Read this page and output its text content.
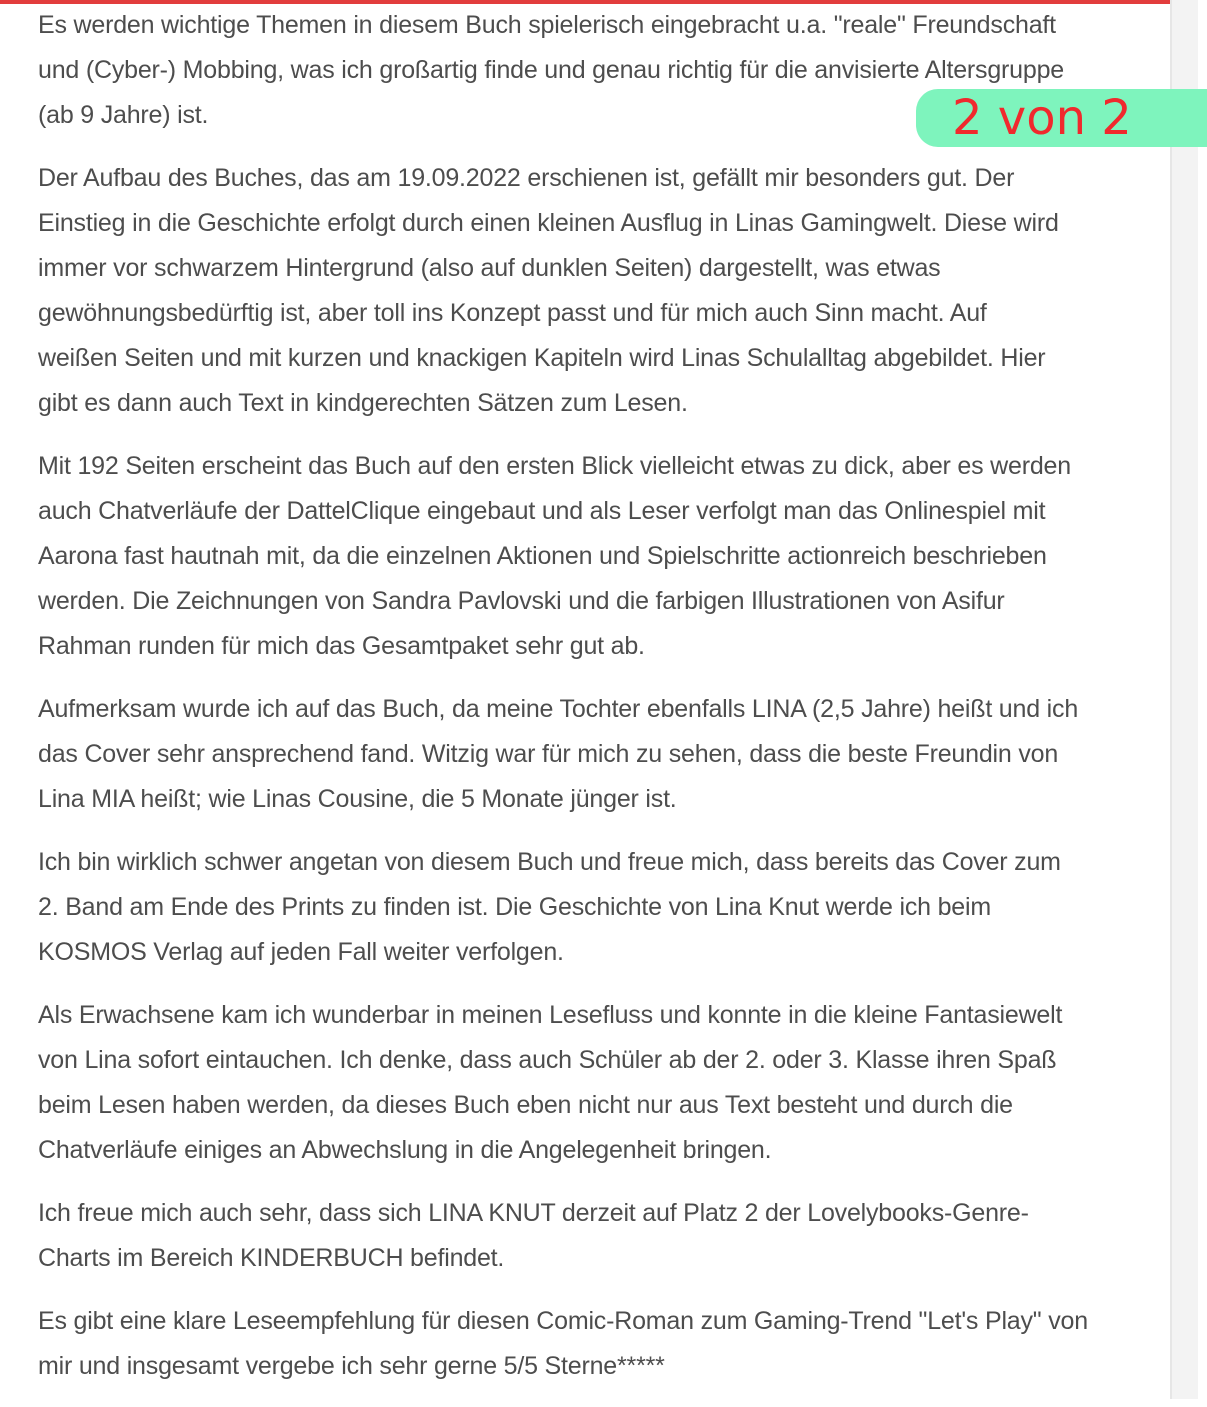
Es werden wichtige Themen in diesem Buch spielerisch eingebracht u.a. "reale" Freundschaft
und (Cyber-) Mobbing, was ich großartig finde und genau richtig für die anvisierte Altersgruppe
(ab 9 Jahre) ist.

Der Aufbau des Buches, das am 19.09.2022 erschienen ist, gefällt mir besonders gut. Der
Einstieg in die Geschichte erfolgt durch einen kleinen Ausflug in Linas Gamingwelt. Diese wird
immer vor schwarzem Hintergrund (also auf dunklen Seiten) dargestellt, was etwas
gewöhnungsbedürftig ist, aber toll ins Konzept passt und für mich auch Sinn macht. Auf
weißen Seiten und mit kurzen und knackigen Kapiteln wird Linas Schulalltag abgebildet. Hier
gibt es dann auch Text in kindgerechten Sätzen zum Lesen.

Mit 192 Seiten erscheint das Buch auf den ersten Blick vielleicht etwas zu dick, aber es werden
auch Chatverläufe der DattelClique eingebaut und als Leser verfolgt man das Onlinespiel mit
Aarona fast hautnah mit, da die einzelnen Aktionen und Spielschritte actionreich beschrieben
werden. Die Zeichnungen von Sandra Pavlovski und die farbigen Illustrationen von Asifur
Rahman runden für mich das Gesamtpaket sehr gut ab.

Aufmerksam wurde ich auf das Buch, da meine Tochter ebenfalls LINA (2,5 Jahre) heißt und ich
das Cover sehr ansprechend fand. Witzig war für mich zu sehen, dass die beste Freundin von
Lina MIA heißt; wie Linas Cousine, die 5 Monate jünger ist.

Ich bin wirklich schwer angetan von diesem Buch und freue mich, dass bereits das Cover zum
2. Band am Ende des Prints zu finden ist. Die Geschichte von Lina Knut werde ich beim
KOSMOS Verlag auf jeden Fall weiter verfolgen.

Als Erwachsene kam ich wunderbar in meinen Lesefluss und konnte in die kleine Fantasiewelt
von Lina sofort eintauchen. Ich denke, dass auch Schüler ab der 2. oder 3. Klasse ihren Spaß
beim Lesen haben werden, da dieses Buch eben nicht nur aus Text besteht und durch die
Chatverläufe einiges an Abwechslung in die Angelegenheit bringen.

Ich freue mich auch sehr, dass sich LINA KNUT derzeit auf Platz 2 der Lovelybooks-Genre-
Charts im Bereich KINDERBUCH befindet.

Es gibt eine klare Leseempfehlung für diesen Comic-Roman zum Gaming-Trend "Let's Play" von
mir und insgesamt vergebe ich sehr gerne 5/5 Sterne*****

2 von 2
